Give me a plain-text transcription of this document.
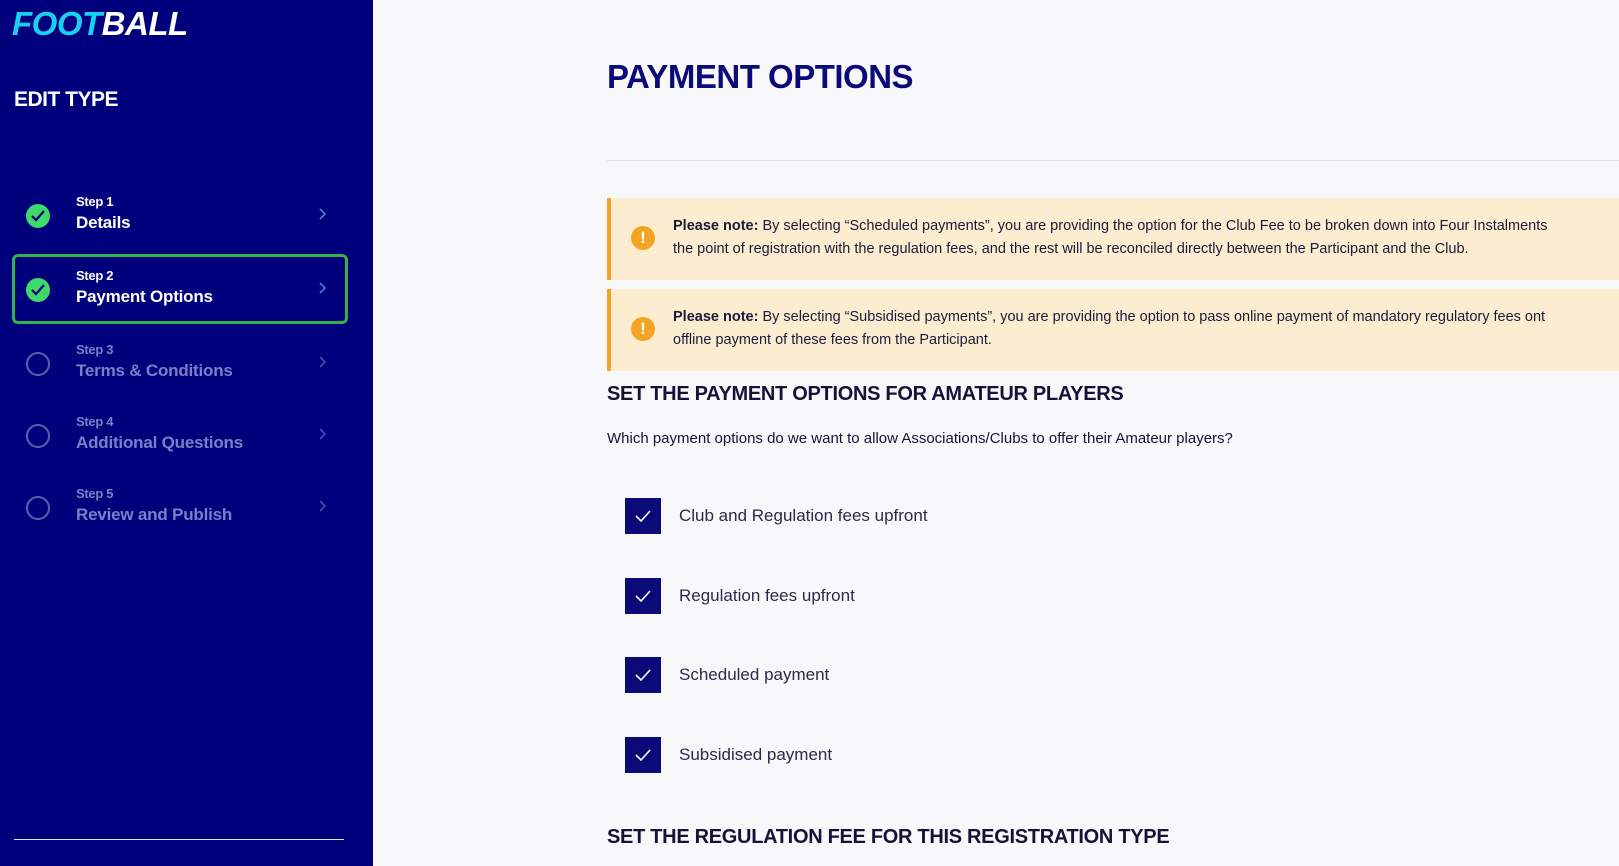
FOOTBALL
EDIT TYPE
Step 1
Details
Step 2
Payment Options
Step 3
Terms & Conditions
Step 4
Additional Questions
Step 5
Review and Publish
PAYMENT OPTIONS
!
Please note: By selecting “Scheduled payments”, you are providing the option for the Club Fee to be broken down into Four Instalments
the point of registration with the regulation fees, and the rest will be reconciled directly between the Participant and the Club.
!
Please note: By selecting “Subsidised payments”, you are providing the option to pass online payment of mandatory regulatory fees ont
offline payment of these fees from the Participant.
SET THE PAYMENT OPTIONS FOR AMATEUR PLAYERS
Which payment options do we want to allow Associations/Clubs to offer their Amateur players?
Club and Regulation fees upfront
Regulation fees upfront
Scheduled payment
Subsidised payment
SET THE REGULATION FEE FOR THIS REGISTRATION TYPE
